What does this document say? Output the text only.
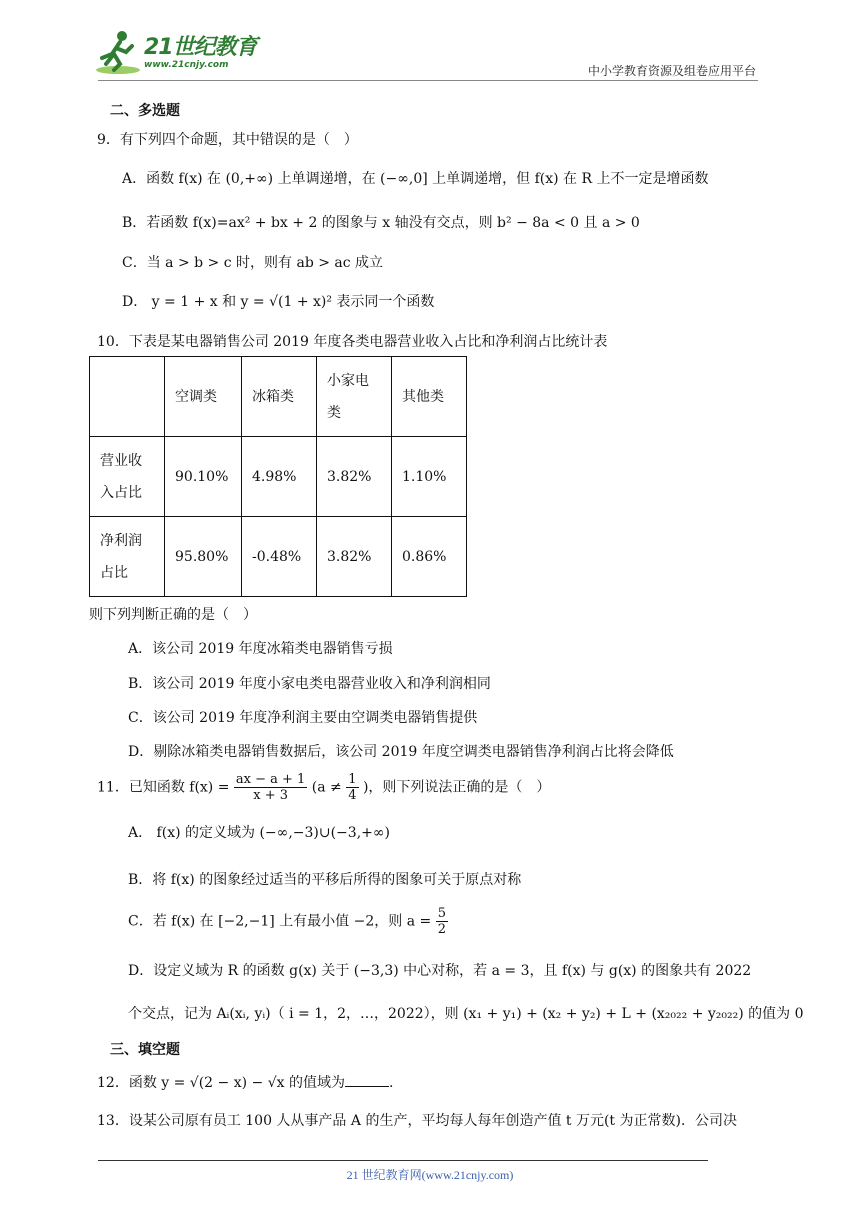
21世纪教育
www.21cnjy.com	中小学教育资源及组卷应用平台
二、多选题
9．有下列四个命题，其中错误的是（　）
A．函数 f(x) 在 (0,+∞) 上单调递增，在 (−∞,0] 上单调递增，但 f(x) 在 R 上不一定是增函数
B．若函数 f(x)=ax² + bx + 2 的图象与 x 轴没有交点，则 b² − 8a < 0 且 a > 0
C．当 a > b > c 时，则有 ab > ac 成立
D． y = 1 + x 和 y = √(1 + x)² 表示同一个函数
10．下表是某电器销售公司 2019 年度各类电器营业收入占比和净利润占比统计表
	空调类	冰箱类	小家电类	其他类
营业收入占比	90.10%	4.98%	3.82%	1.10%
净利润占比	95.80%	-0.48%	3.82%	0.86%
则下列判断正确的是（　）
A．该公司 2019 年度冰箱类电器销售亏损
B．该公司 2019 年度小家电类电器营业收入和净利润相同
C．该公司 2019 年度净利润主要由空调类电器销售提供
D．剔除冰箱类电器销售数据后，该公司 2019 年度空调类电器销售净利润占比将会降低
11．已知函数 $f(x) = \frac{ax - a + 1}{x + 3} (a \ne \frac{1}{4}$ )，则下列说法正确的是（　）
A． f(x) 的定义域为 (−∞,−3)∪(−3,+∞)
B．将 f(x) 的图象经过适当的平移后所得的图象可关于原点对称
C．若 f(x) 在 [−2,−1] 上有最小值 −2，则 $a = \frac{5}{2}$
D．设定义域为 R 的函数 g(x) 关于 (−3,3) 中心对称，若 a = 3，且 f(x) 与 g(x) 的图象共有 2022
个交点，记为 Aᵢ(xᵢ, yᵢ)（ i = 1，2，…，2022），则 (x₁ + y₁) + (x₂ + y₂) + L + (x₂₀₂₂ + y₂₀₂₂) 的值为 0
三、填空题
12．函数 y = √(2 − x) − √x 的值域为	.
13．设某公司原有员工 100 人从事产品 A 的生产，平均每人每年创造产值 t 万元(t 为正常数)．公司决
21 世纪教育网(www.21cnjy.com)
